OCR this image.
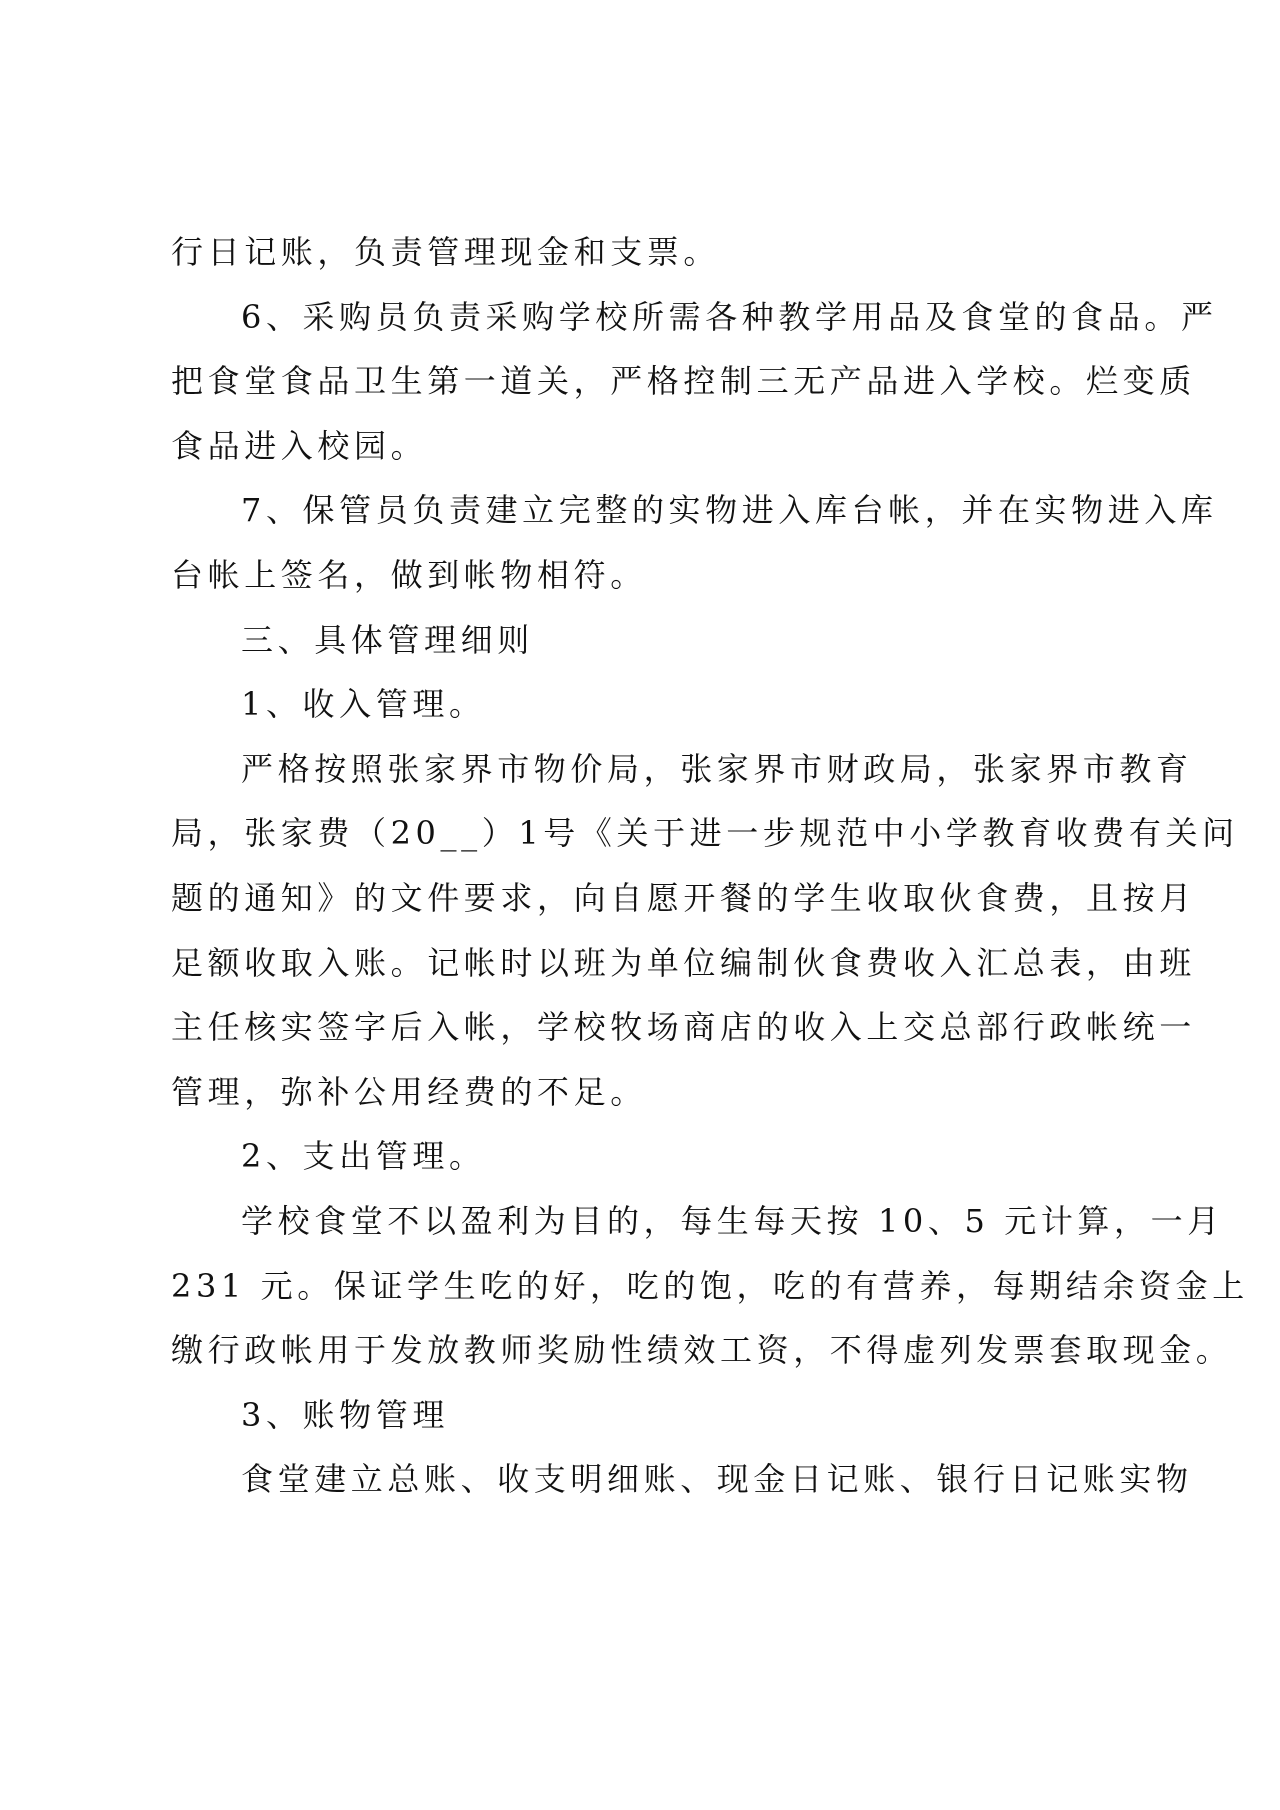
行日记账，负责管理现金和支票。
6、采购员负责采购学校所需各种教学用品及食堂的食品。严
把食堂食品卫生第一道关，严格控制三无产品进入学校。烂变质
食品进入校园。
7、保管员负责建立完整的实物进入库台帐，并在实物进入库
台帐上签名，做到帐物相符。
三、具体管理细则
1、收入管理。
严格按照张家界市物价局，张家界市财政局，张家界市教育
局，张家费（20__）1号《关于进一步规范中小学教育收费有关问
题的通知》的文件要求，向自愿开餐的学生收取伙食费，且按月
足额收取入账。记帐时以班为单位编制伙食费收入汇总表，由班
主任核实签字后入帐，学校牧场商店的收入上交总部行政帐统一
管理，弥补公用经费的不足。
2、支出管理。
学校食堂不以盈利为目的，每生每天按 10、5 元计算，一月
231 元。保证学生吃的好，吃的饱，吃的有营养，每期结余资金上
缴行政帐用于发放教师奖励性绩效工资，不得虚列发票套取现金。
3、账物管理
食堂建立总账、收支明细账、现金日记账、银行日记账实物
